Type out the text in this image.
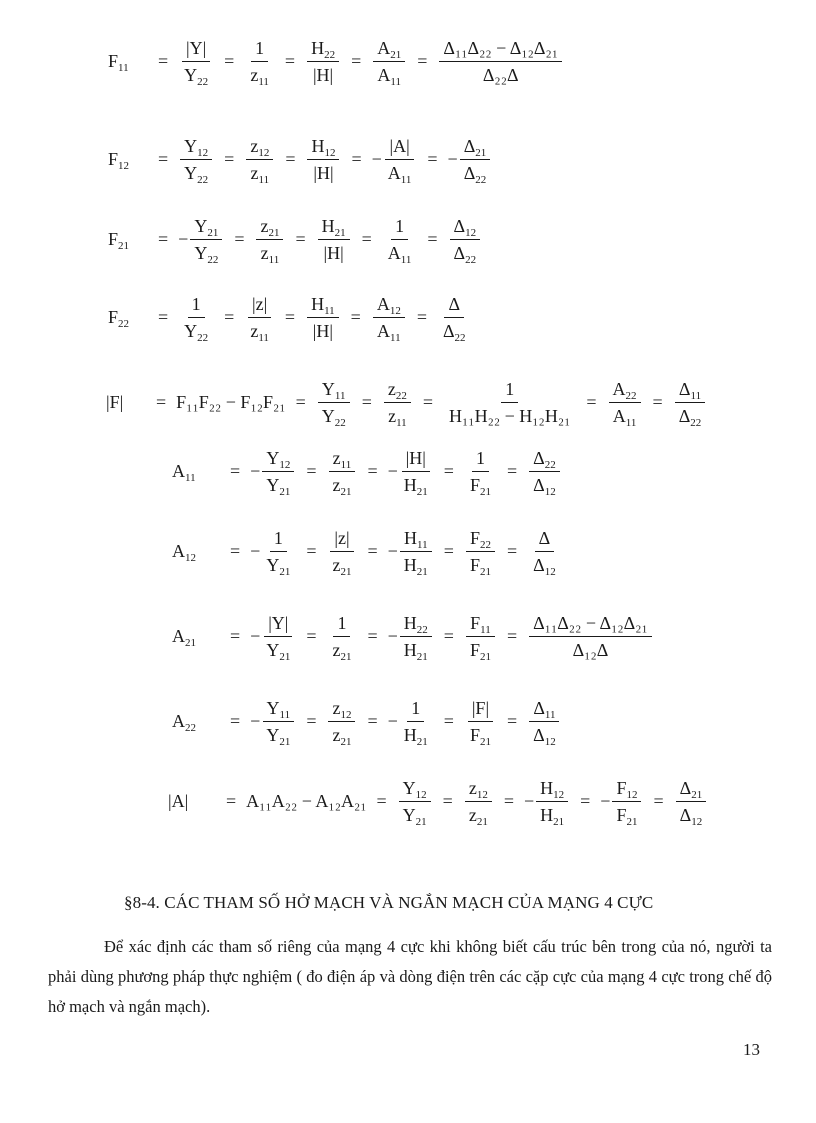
$F_{11}$	= $\frac{|Y|}{Y_{22}} = \frac{1}{z_{11}} = \frac{H_{22}}{|H|} = \frac{A_{21}}{A_{11}} = \frac{\text{Δ₁₁Δ₂₂ − Δ₁₂Δ₂₁}}{\text{Δ₂₂Δ}}$
$F_{12}$	= $\frac{Y_{12}}{Y_{22}} = \frac{z_{12}}{z_{11}} = \frac{H_{12}}{|H|}$ = − $\frac{|A|}{A_{11}}$ = − $\frac{\Delta_{21}}{\Delta_{22}}$
$F_{21}$	= − $\frac{Y_{21}}{Y_{22}} = \frac{z_{21}}{z_{11}} = \frac{H_{21}}{|H|} = \frac{1}{A_{11}} = \frac{\Delta_{12}}{\Delta_{22}}$
$F_{22}$	= $\frac{1}{Y_{22}} = \frac{|z|}{z_{11}} = \frac{H_{11}}{|H|} = \frac{A_{12}}{A_{11}} = \frac{\Delta}{\Delta_{22}}$
|F|	= $F_{11}F_{22} - F_{12}F_{21} = \frac{Y_{11}}{Y_{22}} = \frac{z_{22}}{z_{11}} = \frac{1}{\text{H₁₁H₂₂ − H₁₂H₂₁}} = \frac{A_{22}}{A_{11}} = \frac{\Delta_{11}}{\Delta_{22}}$
$A_{11}$	= − $\frac{Y_{12}}{Y_{21}} = \frac{z_{11}}{z_{21}}$ = − $\frac{|H|}{H_{21}} = \frac{1}{F_{21}} = \frac{\Delta_{22}}{\Delta_{12}}$
$A_{12}$	= − $\frac{1}{Y_{21}} = \frac{|z|}{z_{21}}$ = − $\frac{H_{11}}{H_{21}} = \frac{F_{22}}{F_{21}} = \frac{\Delta}{\Delta_{12}}$
$A_{21}$	= − $\frac{|Y|}{Y_{21}} = \frac{1}{z_{21}}$ = − $\frac{H_{22}}{H_{21}} = \frac{F_{11}}{F_{21}} = \frac{\text{Δ₁₁Δ₂₂ − Δ₁₂Δ₂₁}}{\text{Δ₁₂Δ}}$
$A_{22}$	= − $\frac{Y_{11}}{Y_{21}} = \frac{z_{12}}{z_{21}}$ = − $\frac{1}{H_{21}} = \frac{|F|}{F_{21}} = \frac{\Delta_{11}}{\Delta_{12}}$
|A|	= $A_{11}A_{22} - A_{12}A_{21} = \frac{Y_{12}}{Y_{21}} = \frac{z_{12}}{z_{21}}$ = − $\frac{H_{12}}{H_{21}}$ = − $\frac{F_{12}}{F_{21}} = \frac{\Delta_{21}}{\Delta_{12}}$
§8-4. CÁC THAM SỐ HỞ MẠCH VÀ NGẮN MẠCH CỦA MẠNG 4 CỰC
Để xác định các tham số riêng của mạng 4 cực khi không biết cấu trúc bên trong của nó, người ta phải dùng phương pháp thực nghiệm ( đo điện áp và dòng điện trên các cặp cực của mạng 4 cực trong chế độ hở mạch và ngắn mạch).
13
